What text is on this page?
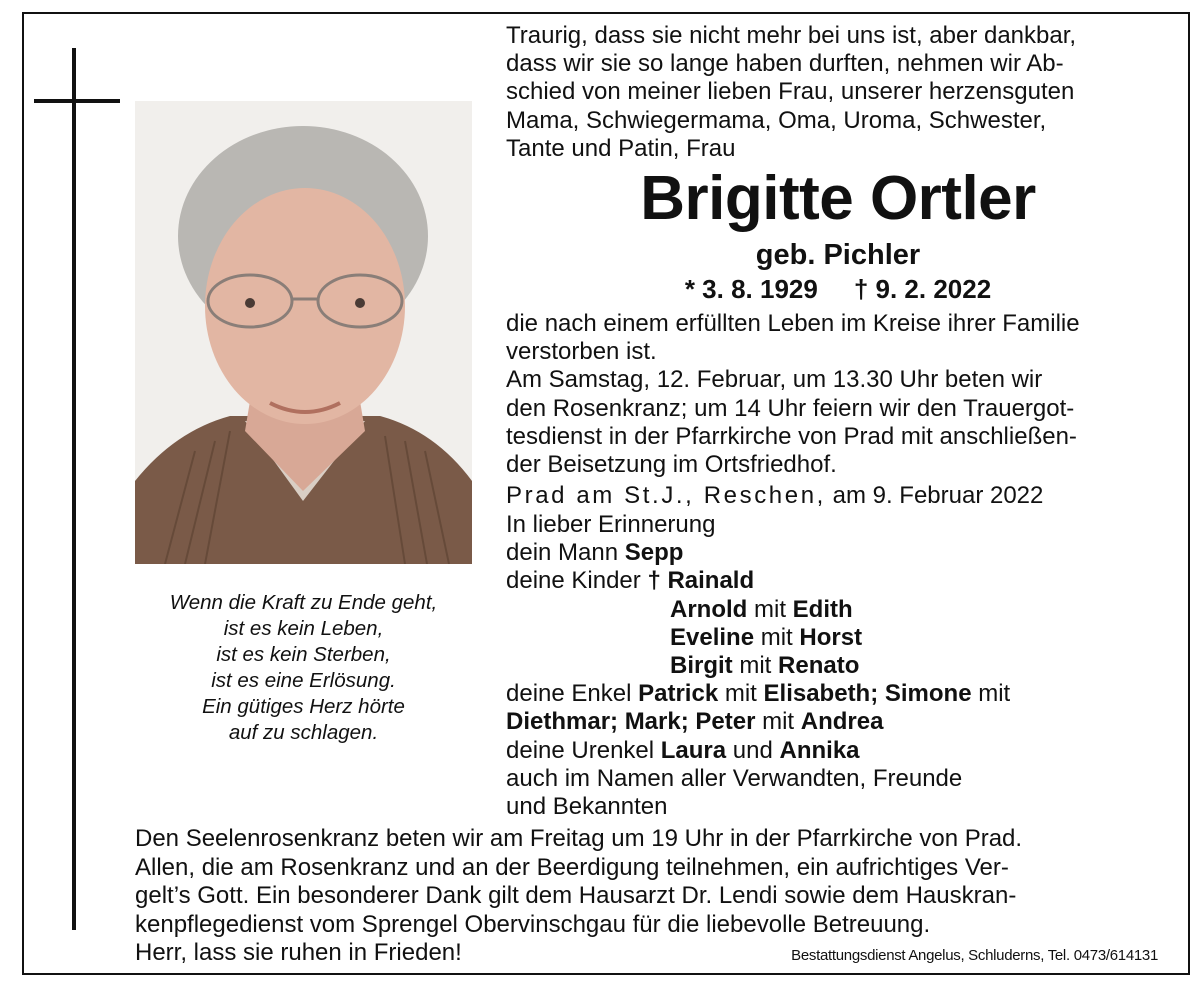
Wenn die Kraft zu Ende geht,
ist es kein Leben,
ist es kein Sterben,
ist es eine Erlösung.
Ein gütiges Herz hörte
auf zu schlagen.
Traurig, dass sie nicht mehr bei uns ist, aber dankbar,
dass wir sie so lange haben durften, nehmen wir Ab-
schied von meiner lieben Frau, unserer herzensguten
Mama, Schwiegermama, Oma, Uroma, Schwester,
Tante und Patin, Frau
Brigitte Ortler
geb. Pichler
* 3. 8. 1929 † 9. 2. 2022
die nach einem erfüllten Leben im Kreise ihrer Familie
verstorben ist.
Am Samstag, 12. Februar, um 13.30 Uhr beten wir
den Rosenkranz; um 14 Uhr feiern wir den Trauergot-
tesdienst in der Pfarrkirche von Prad mit anschließen-
der Beisetzung im Ortsfriedhof.
Prad am St.J., Reschen, am 9. Februar 2022
In lieber Erinnerung
dein Mann Sepp
deine Kinder † Rainald
Arnold mit Edith
Eveline mit Horst
Birgit mit Renato
deine Enkel Patrick mit Elisabeth; Simone mit
Diethmar; Mark; Peter mit Andrea
deine Urenkel Laura und Annika
auch im Namen aller Verwandten, Freunde
und Bekannten
Den Seelenrosenkranz beten wir am Freitag um 19 Uhr in der Pfarrkirche von Prad.
Allen, die am Rosenkranz und an der Beerdigung teilnehmen, ein aufrichtiges Ver-
gelt’s Gott. Ein besonderer Dank gilt dem Hausarzt Dr. Lendi sowie dem Hauskran-
kenpflegedienst vom Sprengel Obervinschgau für die liebevolle Betreuung.
Herr, lass sie ruhen in Frieden!	Bestattungsdienst Angelus, Schluderns, Tel. 0473/614131
